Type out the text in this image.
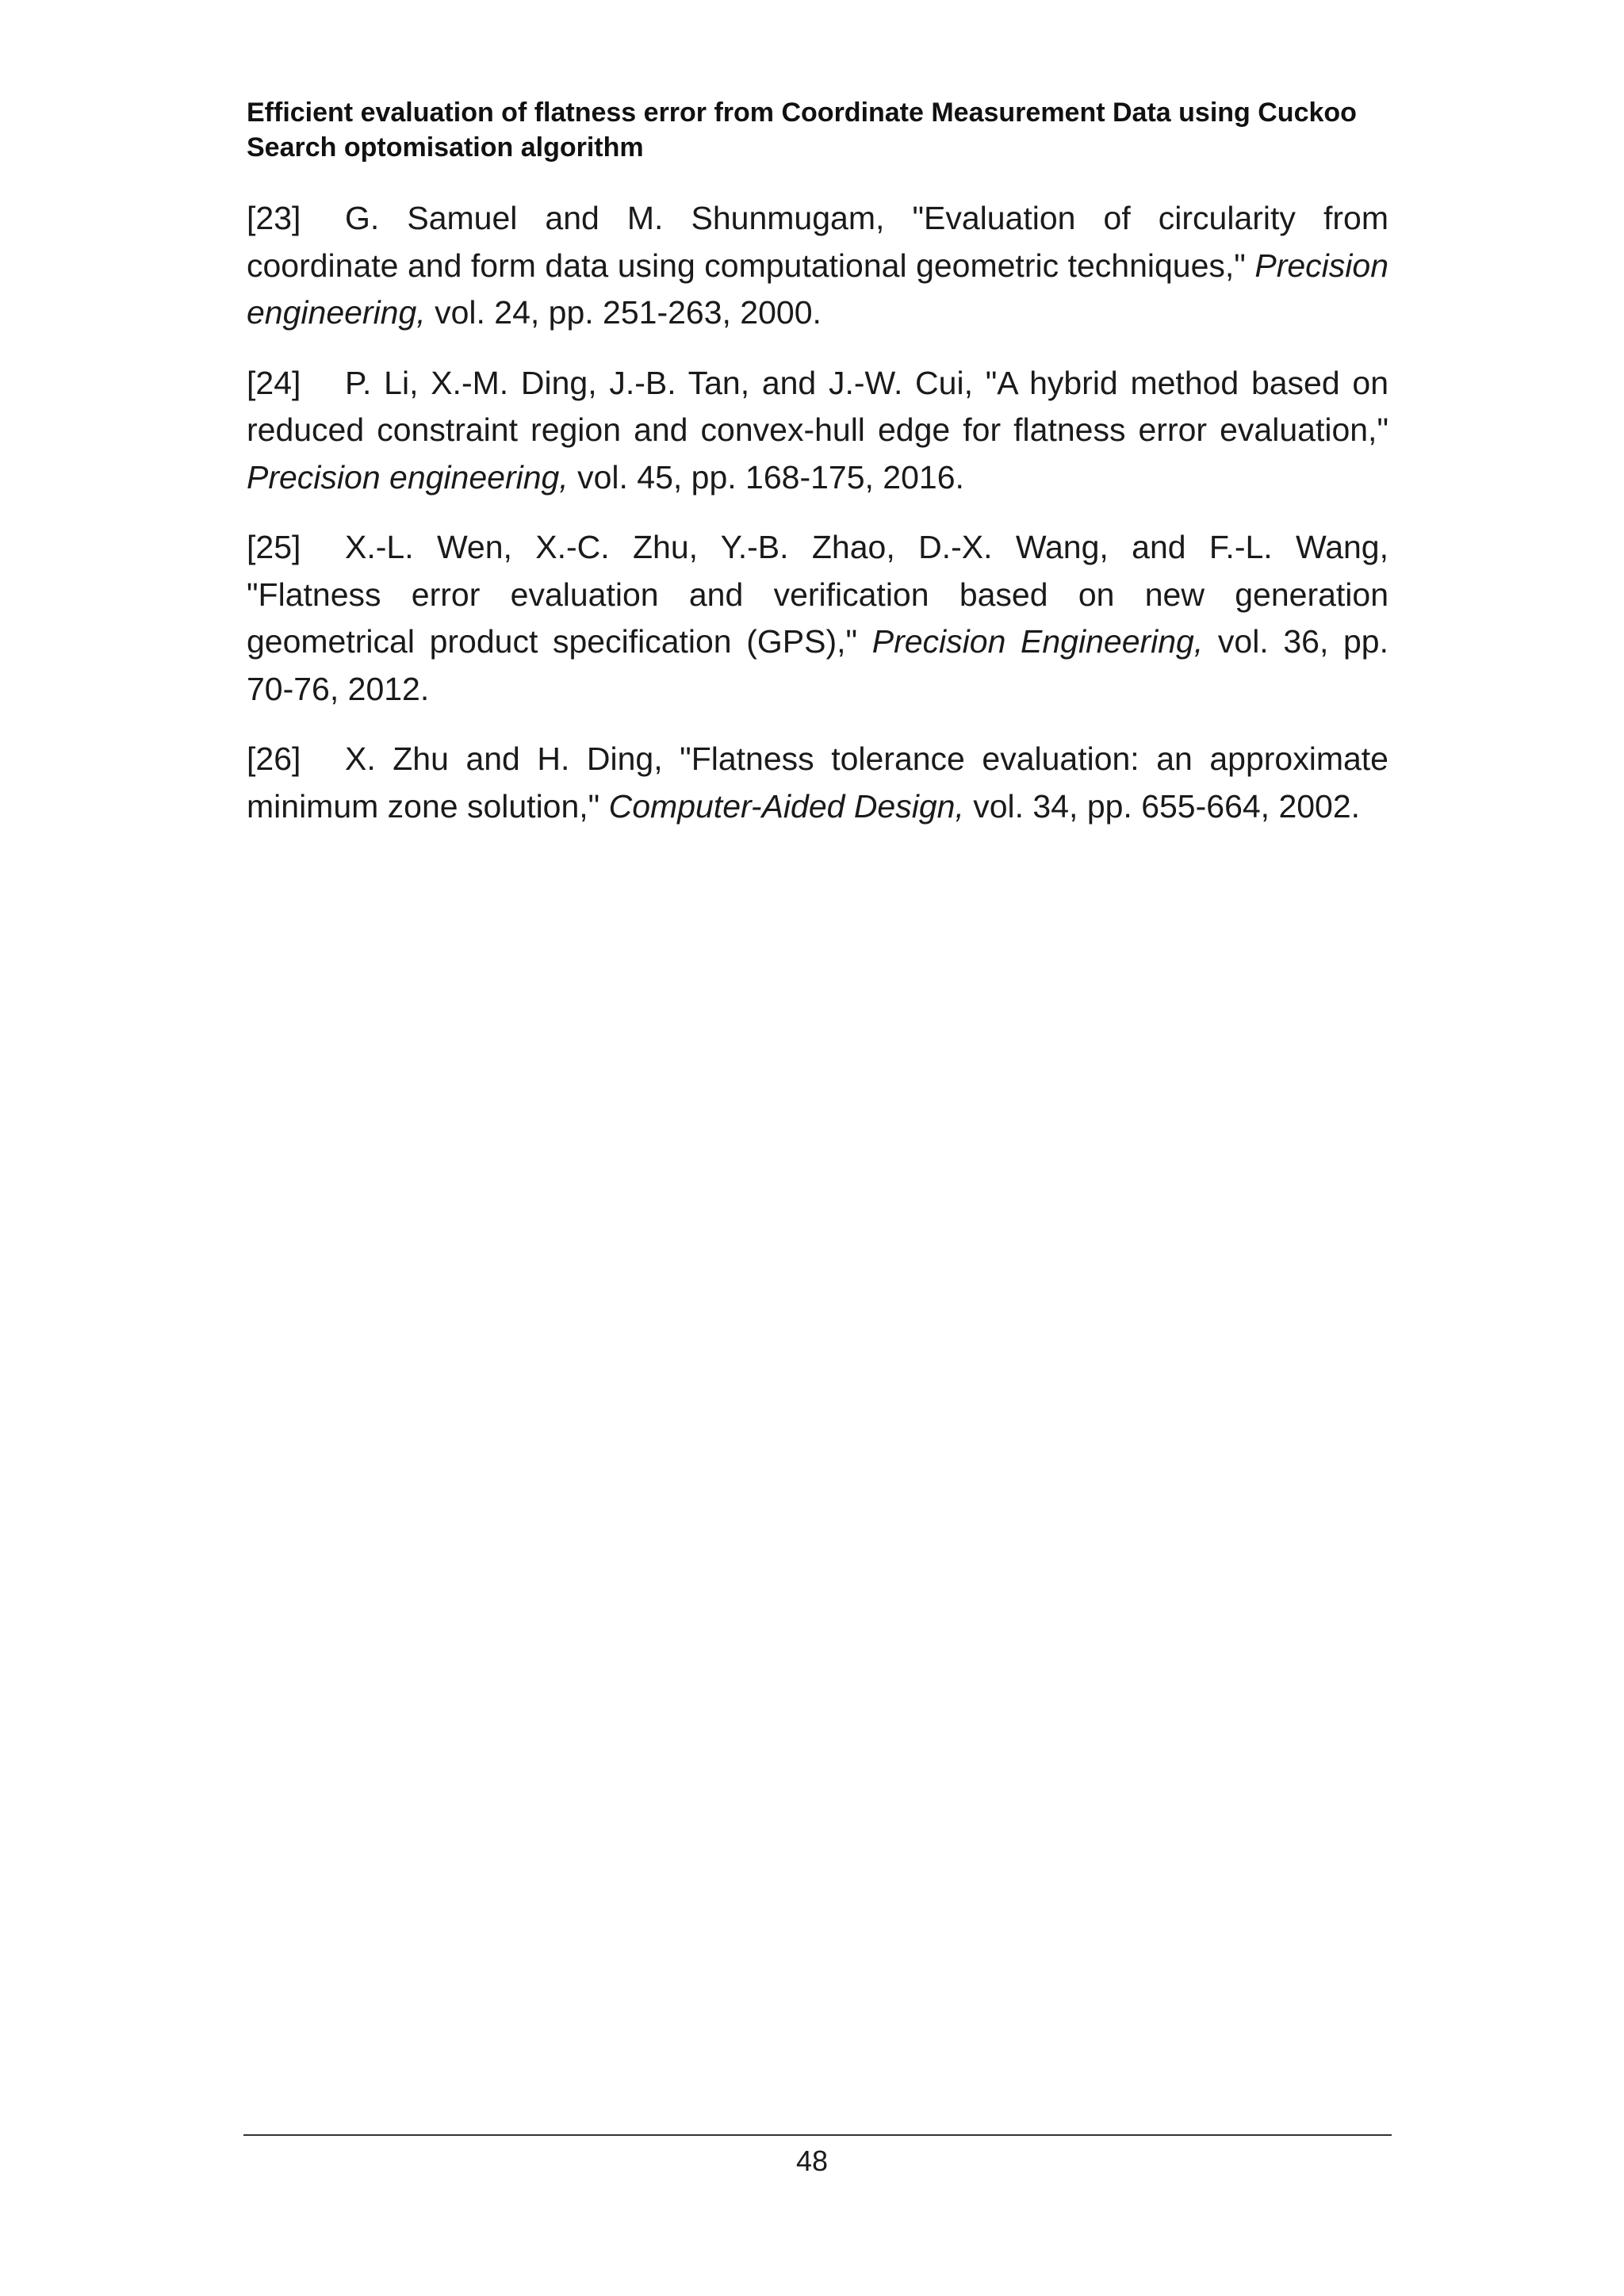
Efficient evaluation of flatness error from Coordinate Measurement Data using Cuckoo Search optomisation algorithm

[23] G. Samuel and M. Shunmugam, "Evaluation of circularity from coordinate and form data using computational geometric techniques," Precision engineering, vol. 24, pp. 251-263, 2000.

[24] P. Li, X.-M. Ding, J.-B. Tan, and J.-W. Cui, "A hybrid method based on reduced constraint region and convex-hull edge for flatness error evaluation," Precision engineering, vol. 45, pp. 168-175, 2016.

[25] X.-L. Wen, X.-C. Zhu, Y.-B. Zhao, D.-X. Wang, and F.-L. Wang, "Flatness error evaluation and verification based on new generation geometrical product specification (GPS)," Precision Engineering, vol. 36, pp. 70-76, 2012.

[26] X. Zhu and H. Ding, "Flatness tolerance evaluation: an approximate minimum zone solution," Computer-Aided Design, vol. 34, pp. 655-664, 2002.

48
